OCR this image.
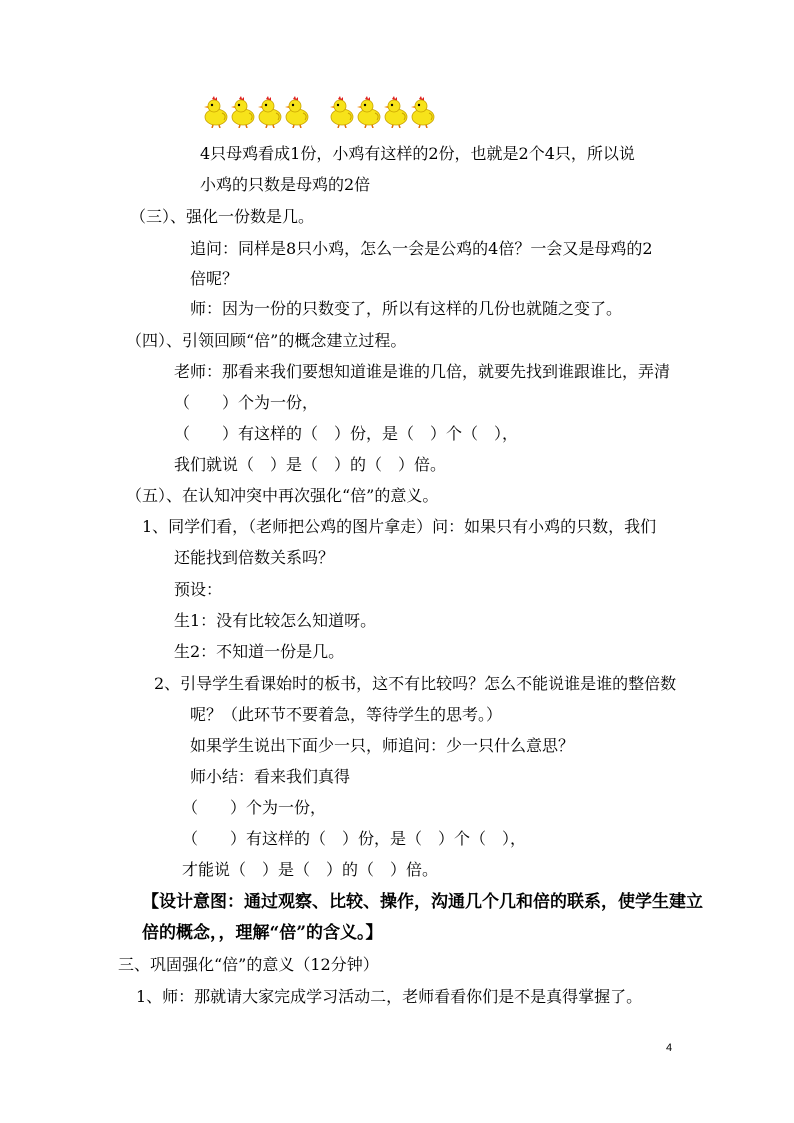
4只母鸡看成1份，小鸡有这样的2份，也就是2个4只，所以说
小鸡的只数是母鸡的2倍
（三）、强化一份数是几。
追问：同样是8只小鸡，怎么一会是公鸡的4倍？一会又是母鸡的2
倍呢？
师：因为一份的只数变了，所以有这样的几份也就随之变了。
（四）、引领回顾“倍”的概念建立过程。
老师：那看来我们要想知道谁是谁的几倍，就要先找到谁跟谁比，弄清
（　　）个为一份，
（　　）有这样的（　）份，是（　）个（　），
我们就说（　）是（　）的（　）倍。
（五）、在认知冲突中再次强化“倍”的意义。
1、同学们看，（老师把公鸡的图片拿走）问：如果只有小鸡的只数，我们
还能找到倍数关系吗？
预设：
生1：没有比较怎么知道呀。
生2：不知道一份是几。
2、引导学生看课始时的板书，这不有比较吗？怎么不能说谁是谁的整倍数
呢？（此环节不要着急，等待学生的思考。）
如果学生说出下面少一只，师追问：少一只什么意思？
师小结：看来我们真得
（　　）个为一份，
（　　）有这样的（　）份，是（　）个（　），
才能说（　）是（　）的（　）倍。
【设计意图：通过观察、比较、操作，沟通几个几和倍的联系，使学生建立
倍的概念，，理解“倍”的含义。】
三、巩固强化“倍”的意义（12分钟）
1、师：那就请大家完成学习活动二，老师看看你们是不是真得掌握了。
4
